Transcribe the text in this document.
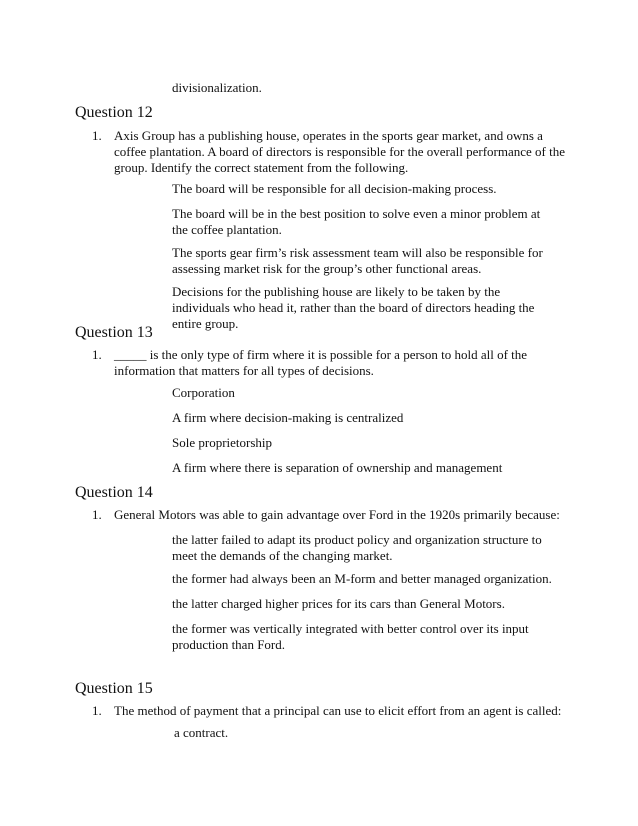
divisionalization.
Question 12
1. Axis Group has a publishing house, operates in the sports gear market, and owns a coffee plantation. A board of directors is responsible for the overall performance of the group. Identify the correct statement from the following.
The board will be responsible for all decision-making process.
The board will be in the best position to solve even a minor problem at the coffee plantation.
The sports gear firm’s risk assessment team will also be responsible for assessing market risk for the group’s other functional areas.
Decisions for the publishing house are likely to be taken by the individuals who head it, rather than the board of directors heading the entire group.
Question 13
1. _____ is the only type of firm where it is possible for a person to hold all of the information that matters for all types of decisions.
Corporation
A firm where decision-making is centralized
Sole proprietorship
A firm where there is separation of ownership and management
Question 14
1. General Motors was able to gain advantage over Ford in the 1920s primarily because:
the latter failed to adapt its product policy and organization structure to meet the demands of the changing market.
the former had always been an M-form and better managed organization.
the latter charged higher prices for its cars than General Motors.
the former was vertically integrated with better control over its input production than Ford.
Question 15
1. The method of payment that a principal can use to elicit effort from an agent is called:
a contract.
